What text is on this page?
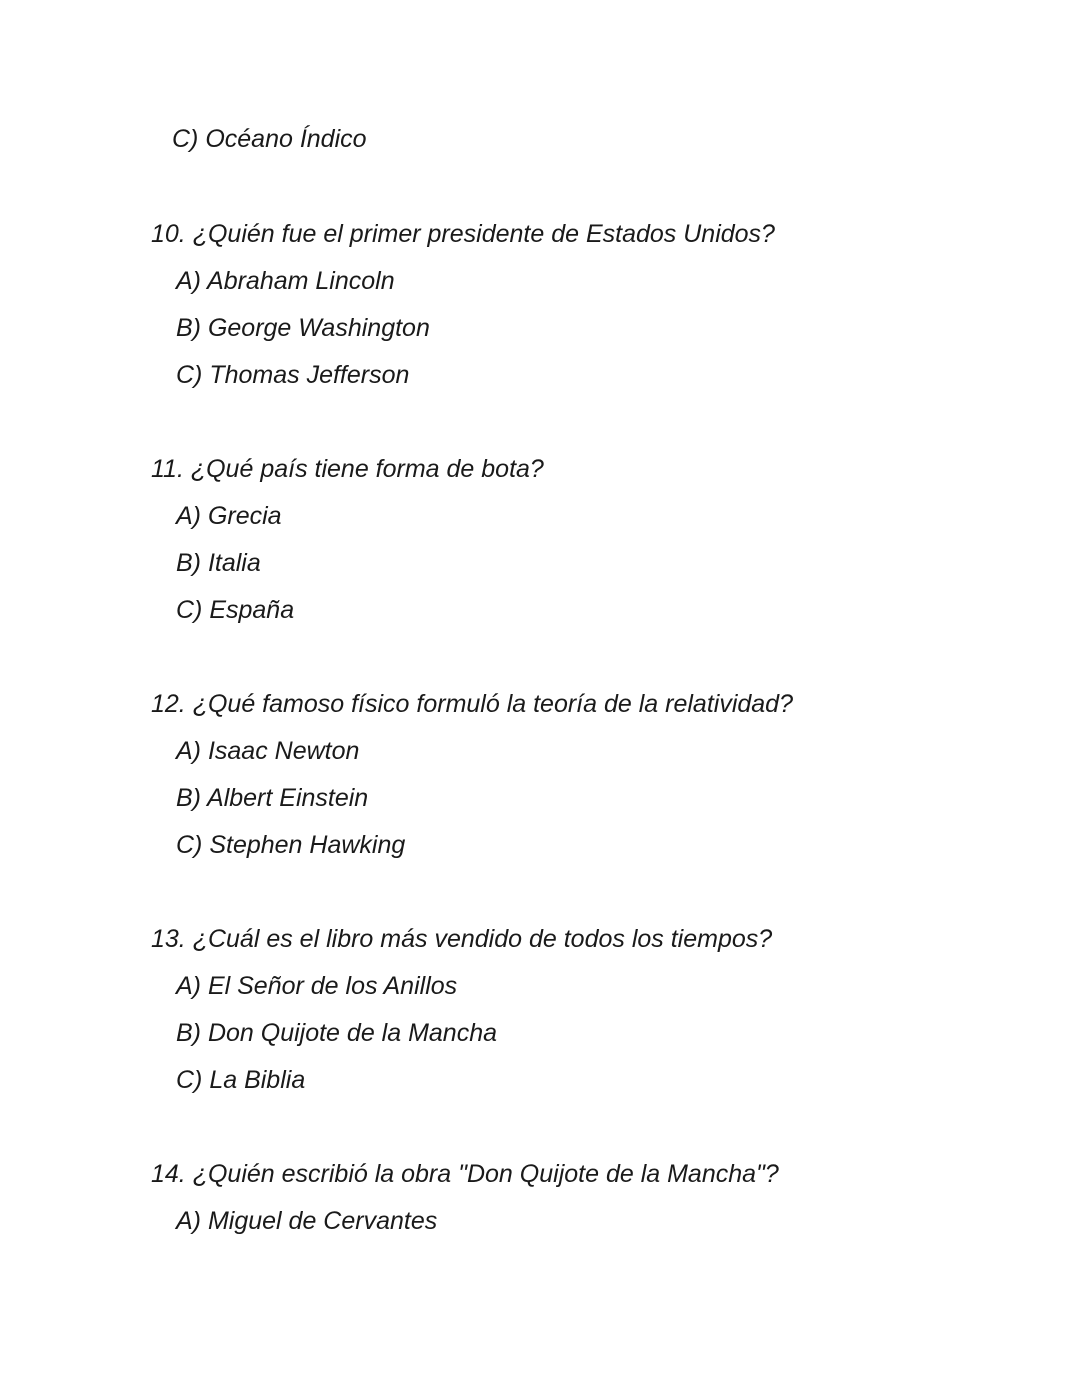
C) Océano Índico

10. ¿Quién fue el primer presidente de Estados Unidos?

A) Abraham Lincoln

B) George Washington

C) Thomas Jefferson

11. ¿Qué país tiene forma de bota?

A) Grecia

B) Italia

C) España

12. ¿Qué famoso físico formuló la teoría de la relatividad?

A) Isaac Newton

B) Albert Einstein

C) Stephen Hawking

13. ¿Cuál es el libro más vendido de todos los tiempos?

A) El Señor de los Anillos

B) Don Quijote de la Mancha

C) La Biblia

14. ¿Quién escribió la obra "Don Quijote de la Mancha"?

A) Miguel de Cervantes
